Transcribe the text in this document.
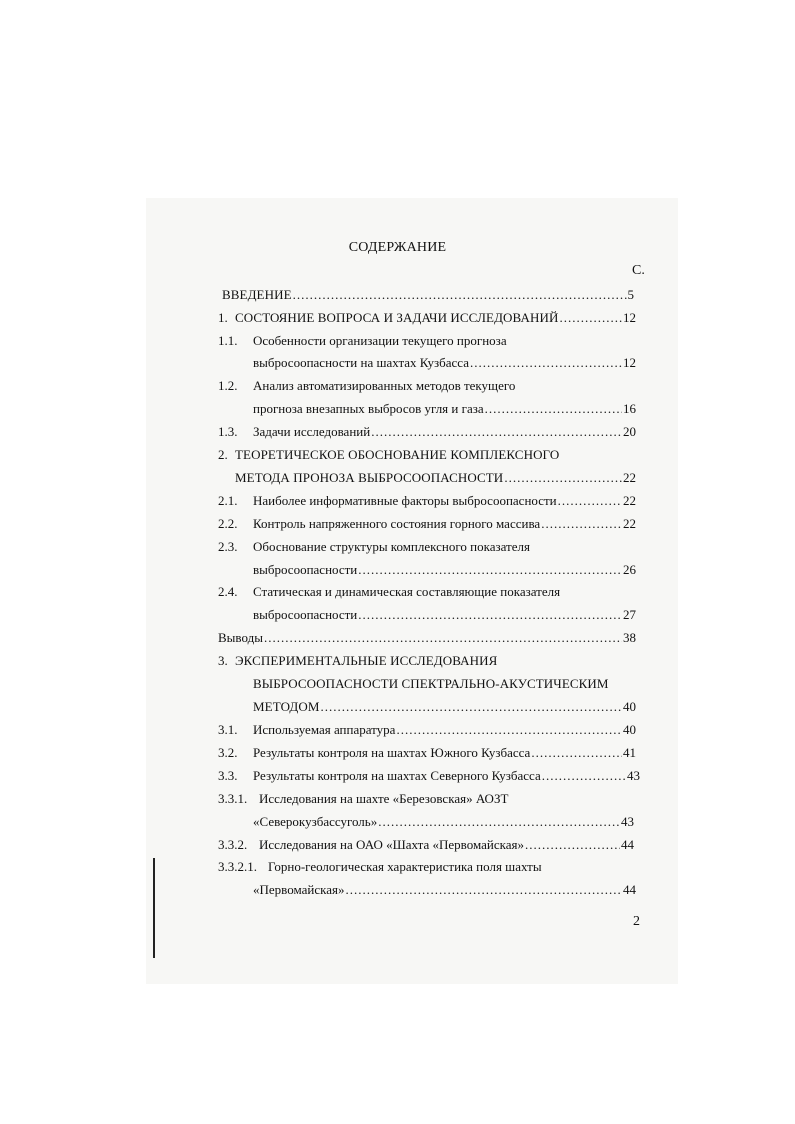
СОДЕРЖАНИЕ
С.
ВВЕДЕНИЕ .....	5
1. СОСТОЯНИЕ ВОПРОСА И ЗАДАЧИ ИССЛЕДОВАНИЙ .....	12
1.1. Особенности организации текущего прогноза
выбросоопасности на шахтах Кузбасса .....	12
1.2. Анализ автоматизированных методов текущего
прогноза внезапных выбросов угля и газа .....	16
1.3. Задачи исследований .....	20
2. ТЕОРЕТИЧЕСКОЕ ОБОСНОВАНИЕ КОМПЛЕКСНОГО
МЕТОДА ПРОНОЗА ВЫБРОСООПАСНОСТИ .....	22
2.1. Наиболее информативные факторы выбросоопасности .....	22
2.2. Контроль напряженного состояния горного массива .....	22
2.3. Обоснование структуры комплексного показателя
выбросоопасности .....	26
2.4. Статическая и динамическая составляющие показателя
выбросоопасности .....	27
Выводы .....	38
3. ЭКСПЕРИМЕНТАЛЬНЫЕ ИССЛЕДОВАНИЯ
ВЫБРОСООПАСНОСТИ СПЕКТРАЛЬНО-АКУСТИЧЕСКИМ
МЕТОДОМ .....	40
3.1. Используемая аппаратура .....	40
3.2. Результаты контроля на шахтах Южного Кузбасса .....	41
3.3. Результаты контроля на шахтах Северного Кузбасса .....	43
3.3.1. Исследования на шахте «Березовская» АОЗТ
«Северокузбассуголь» .....	43
3.3.2. Исследования на ОАО «Шахта «Первомайская» .....	44
3.3.2.1. Горно-геологическая характеристика поля шахты
«Первомайская» .....	44
2
